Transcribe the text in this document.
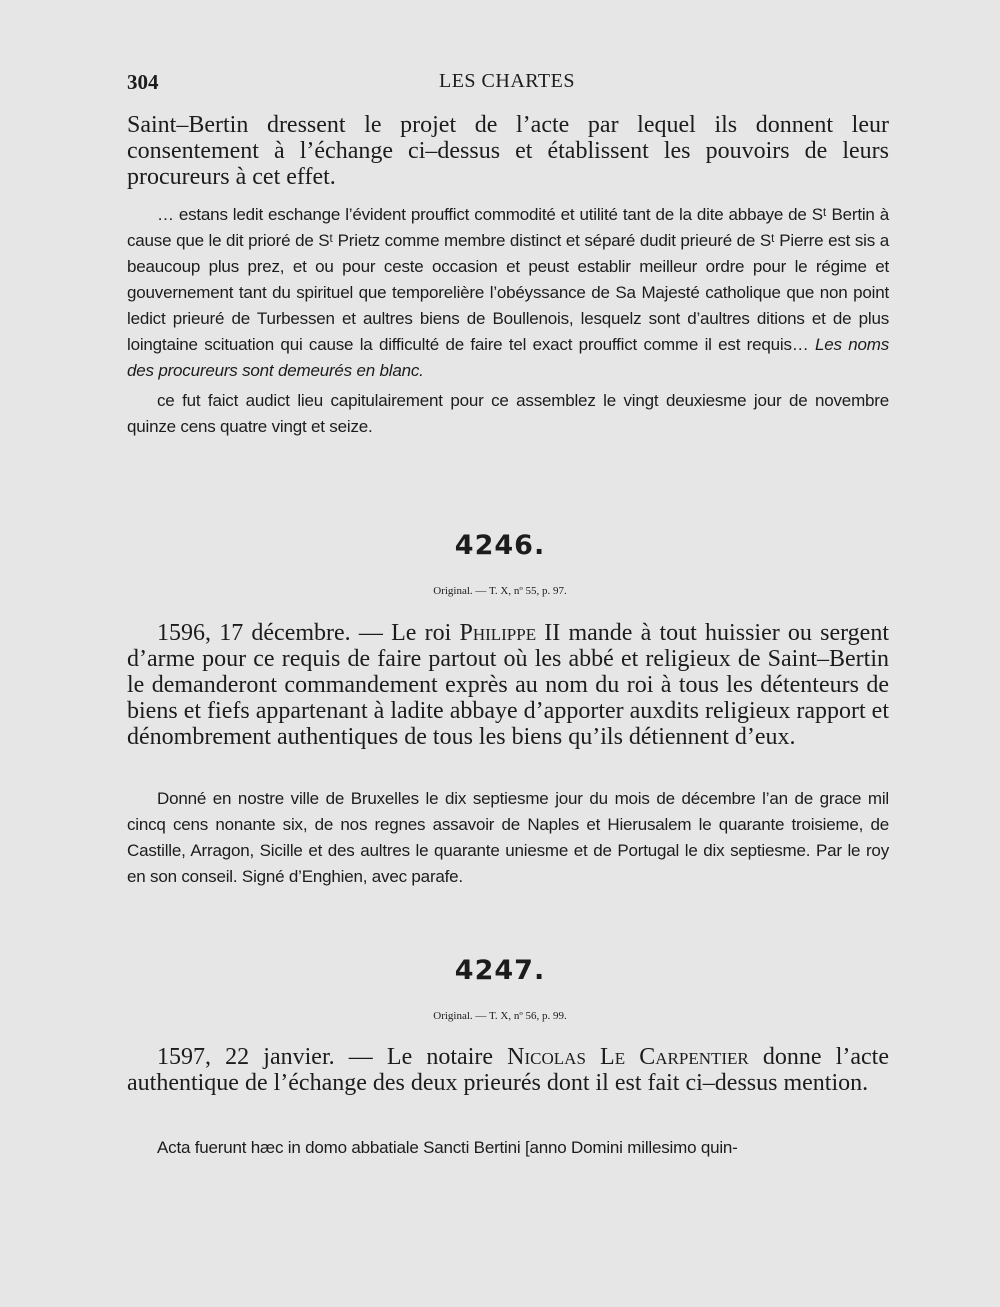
304	LES CHARTES

Saint–Bertin dressent le projet de l’acte par lequel ils donnent leur consentement à l’échange ci–dessus et établissent les pouvoirs de leurs procureurs à cet effet.

… estans ledit eschange l’évident prouffict commodité et utilité tant de la dite abbaye de Sᵗ Bertin à cause que le dit prioré de Sᵗ Prietz comme membre distinct et séparé dudit prieuré de Sᵗ Pierre est sis a beaucoup plus prez, et ou pour ceste occasion et peust establir meilleur ordre pour le régime et gouvernement tant du spirituel que temporelière l’obéyssance de Sa Majesté catholique que non point ledict prieuré de Turbessen et aultres biens de Boullenois, lesquelz sont d’aultres ditions et de plus loingtaine scituation qui cause la difficulté de faire tel exact prouffict comme il est requis… Les noms des procureurs sont demeurés en blanc.

ce fut faict audict lieu capitulairement pour ce assemblez le vingt deuxiesme jour de novembre quinze cens quatre vingt et seize.

4246.
Original. — T. X, nº 55, p. 97.

1596, 17 décembre. — Le roi Philippe II mande à tout huissier ou sergent d’arme pour ce requis de faire partout où les abbé et religieux de Saint–Bertin le demanderont commandement exprès au nom du roi à tous les détenteurs de biens et fiefs appartenant à ladite abbaye d’apporter auxdits religieux rapport et dénombrement authentiques de tous les biens qu’ils détiennent d’eux.

Donné en nostre ville de Bruxelles le dix septiesme jour du mois de décembre l’an de grace mil cincq cens nonante six, de nos regnes assavoir de Naples et Hierusalem le quarante troisieme, de Castille, Arragon, Sicille et des aultres le quarante uniesme et de Portugal le dix septiesme. Par le roy en son conseil. Signé d’Enghien, avec parafe.

4247.
Original. — T. X, nº 56, p. 99.

1597, 22 janvier. — Le notaire Nicolas Le Carpentier donne l’acte authentique de l’échange des deux prieurés dont il est fait ci–dessus mention.

Acta fuerunt hæc in domo abbatiale Sancti Bertini [anno Domini millesimo quin-
